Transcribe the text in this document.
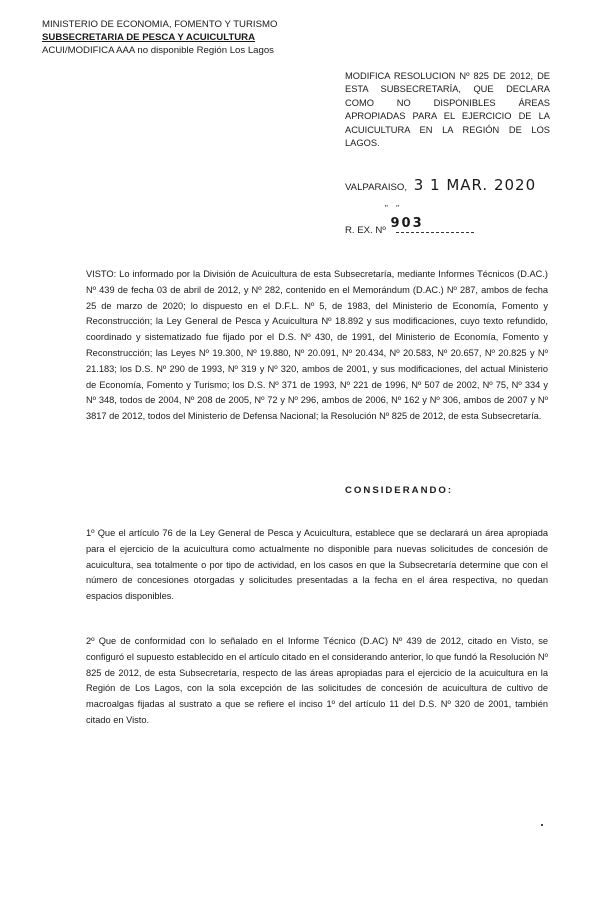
MINISTERIO DE ECONOMIA, FOMENTO Y TURISMO
SUBSECRETARIA DE PESCA Y ACUICULTURA
ACUI/MODIFICA AAA no disponible Región Los Lagos
MODIFICA RESOLUCION Nº 825 DE 2012, DE ESTA SUBSECRETARÍA, QUE DECLARA COMO NO DISPONIBLES ÁREAS APROPIADAS PARA EL EJERCICIO DE LA ACUICULTURA EN LA REGIÓN DE LOS LAGOS.
VALPARAISO, 3 1 MAR. 2020
" "
R. EX. Nº 903
VISTO: Lo informado por la División de Acuicultura de esta Subsecretaría, mediante Informes Técnicos (D.AC.) Nº 439 de fecha 03 de abril de 2012, y Nº 282, contenido en el Memorándum (D.AC.) Nº 287, ambos de fecha 25 de marzo de 2020; lo dispuesto en el D.F.L. Nº 5, de 1983, del Ministerio de Economía, Fomento y Reconstrucción; la Ley General de Pesca y Acuicultura Nº 18.892 y sus modificaciones, cuyo texto refundido, coordinado y sistematizado fue fijado por el D.S. Nº 430, de 1991, del Ministerio de Economía, Fomento y Reconstrucción; las Leyes Nº 19.300, Nº 19.880, Nº 20.091, Nº 20.434, Nº 20.583, Nº 20.657, Nº 20.825 y Nº 21.183; los D.S. Nº 290 de 1993, Nº 319 y Nº 320, ambos de 2001, y sus modificaciones, del actual Ministerio de Economía, Fomento y Turismo; los D.S. Nº 371 de 1993, Nº 221 de 1996, Nº 507 de 2002, Nº 75, Nº 334 y Nº 348, todos de 2004, Nº 208 de 2005, Nº 72 y Nº 296, ambos de 2006, Nº 162 y Nº 306, ambos de 2007 y Nº 3817 de 2012, todos del Ministerio de Defensa Nacional; la Resolución Nº 825 de 2012, de esta Subsecretaría.
CONSIDERANDO:
1º Que el artículo 76 de la Ley General de Pesca y Acuicultura, establece que se declarará un área apropiada para el ejercicio de la acuicultura como actualmente no disponible para nuevas solicitudes de concesión de acuicultura, sea totalmente o por tipo de actividad, en los casos en que la Subsecretaría determine que con el número de concesiones otorgadas y solicitudes presentadas a la fecha en el área respectiva, no quedan espacios disponibles.
2º Que de conformidad con lo señalado en el Informe Técnico (D.AC) Nº 439 de 2012, citado en Visto, se configuró el supuesto establecido en el artículo citado en el considerando anterior, lo que fundó la Resolución Nº 825 de 2012, de esta Subsecretaría, respecto de las áreas apropiadas para el ejercicio de la acuicultura en la Región de Los Lagos, con la sola excepción de las solicitudes de concesión de acuicultura de cultivo de macroalgas fijadas al sustrato a que se refiere el inciso 1º del artículo 11 del D.S. Nº 320 de 2001, también citado en Visto.
